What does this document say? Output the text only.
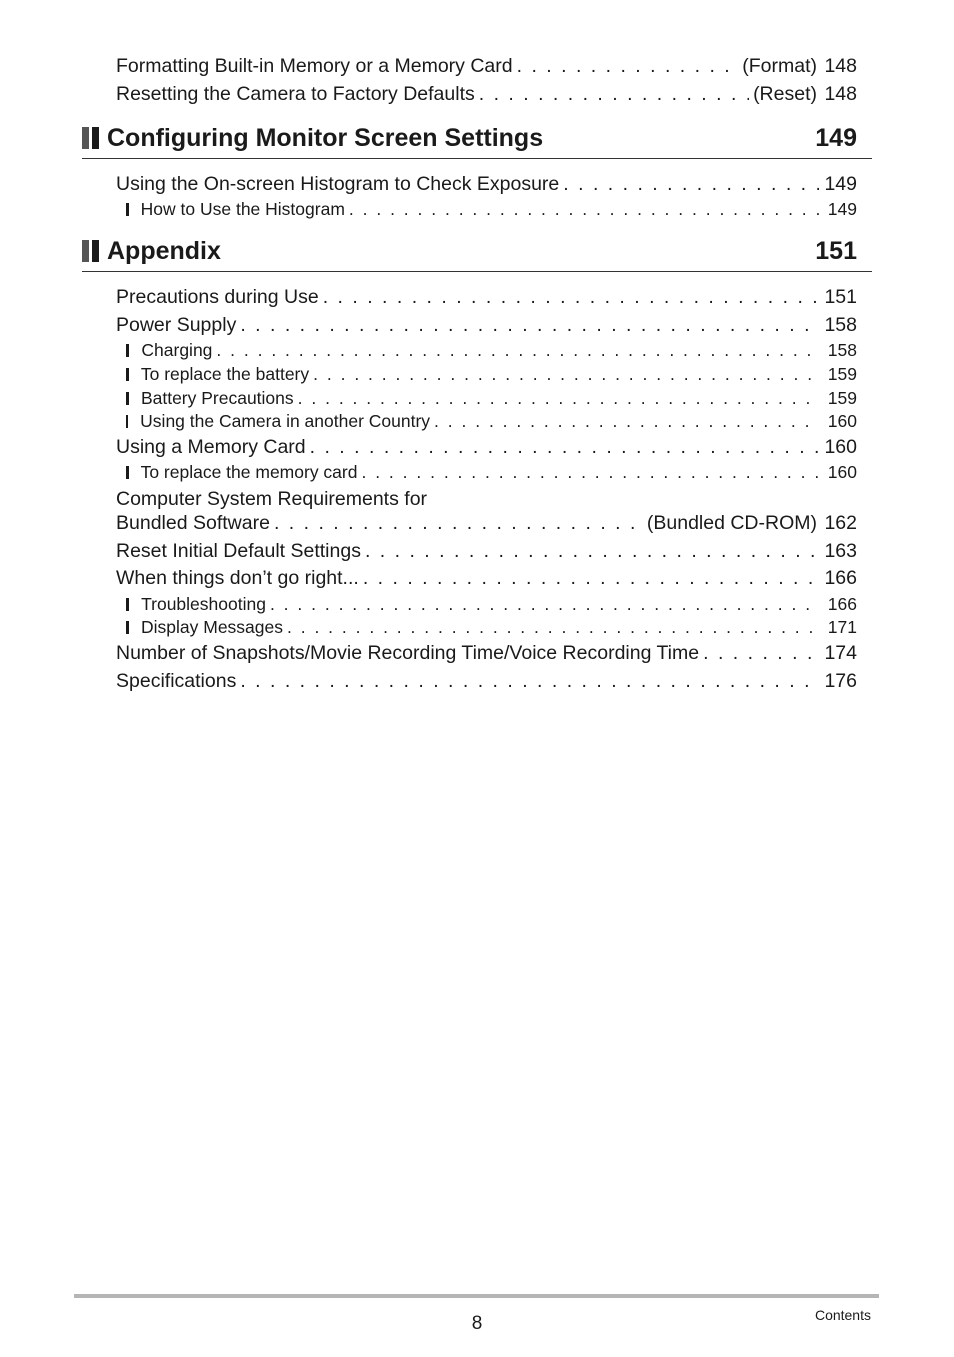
Formatting Built-in Memory or a Memory Card . . .	(Format) 148
Resetting the Camera to Factory Defaults . . .	(Reset) 148
Configuring Monitor Screen Settings	149
Using the On-screen Histogram to Check Exposure . . .	149
How to Use the Histogram . . .	149
Appendix	151
Precautions during Use . . .	151
Power Supply . . .	158
Charging . . .	158
To replace the battery . . .	159
Battery Precautions . . .	159
Using the Camera in another Country . . .	160
Using a Memory Card . . .	160
To replace the memory card . . .	160
Computer System Requirements for
Bundled Software . . .	(Bundled CD-ROM) 162
Reset Initial Default Settings . . .	163
When things don’t go right... . . .	166
Troubleshooting . . .	166
Display Messages . . .	171
Number of Snapshots/Movie Recording Time/Voice Recording Time . . .	174
Specifications . . .	176
8	Contents
